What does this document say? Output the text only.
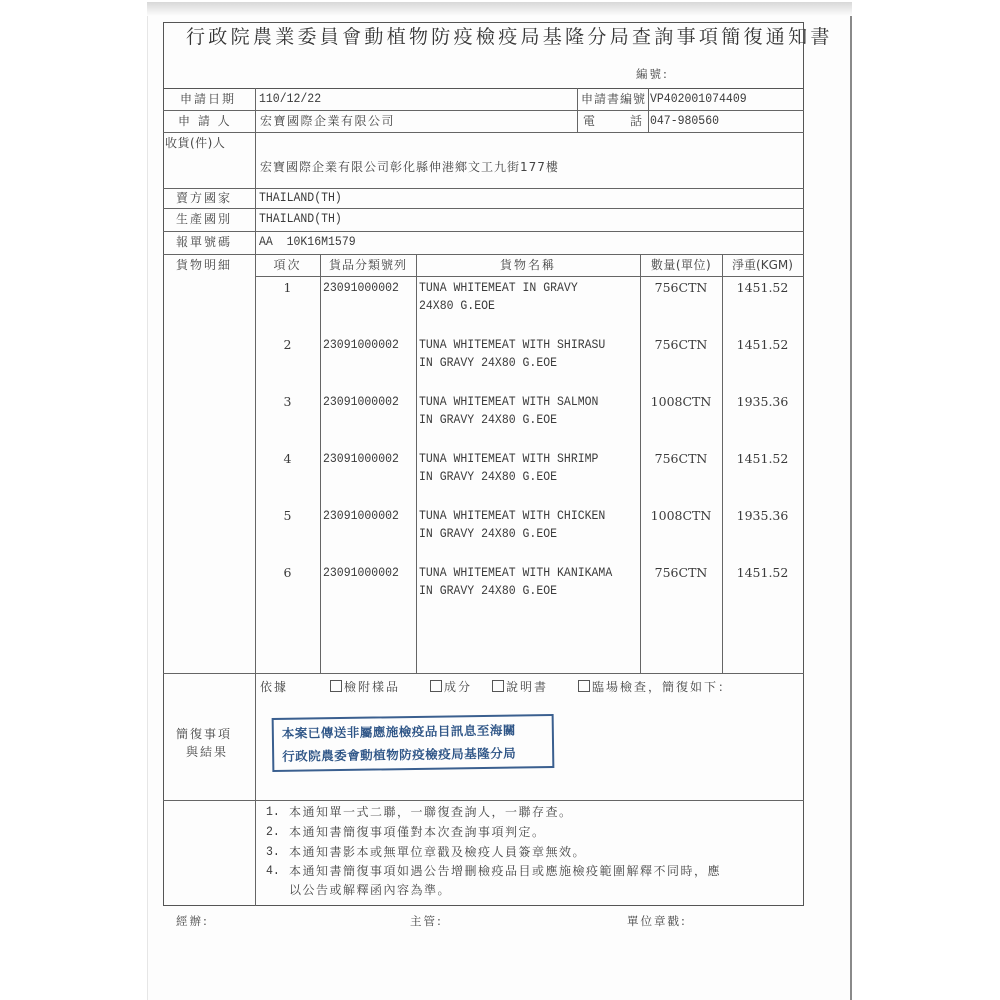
行政院農業委員會動植物防疫檢疫局基隆分局查詢事項簡復通知書
編號:
申請日期 110/12/22	申請書編號 VP402001074409
申 請 人 宏寶國際企業有限公司	電	話 047-980560
收貨(件)人
宏寶國際企業有限公司彰化縣伸港鄉文工九街177樓
賣方國家 THAILAND(TH)
生產國別 THAILAND(TH)
報單號碼 AA  10K16M1579
貨物明細	項次	貨品分類號列	貨物名稱	數量(單位)	淨重(KGM)
1	23091000002 TUNA WHITEMEAT IN GRAVY
24X80 G.EOE
756CTN	1451.52
2	23091000002 TUNA WHITEMEAT WITH SHIRASU
IN GRAVY 24X80 G.EOE
756CTN	1451.52
3	23091000002 TUNA WHITEMEAT WITH SALMON
IN GRAVY 24X80 G.EOE
1008CTN	1935.36
4	23091000002 TUNA WHITEMEAT WITH SHRIMP
IN GRAVY 24X80 G.EOE
756CTN	1451.52
5	23091000002 TUNA WHITEMEAT WITH CHICKEN
IN GRAVY 24X80 G.EOE
1008CTN	1935.36
6	23091000002 TUNA WHITEMEAT WITH KANIKAMA
IN GRAVY 24X80 G.EOE
756CTN	1451.52
簡復事項
與結果
依據	檢附樣品	成分	說明書	臨場檢查，簡復如下：
本案已傳送非屬應施檢疫品目訊息至海關
行政院農委會動植物防疫檢疫局基隆分局
1. 本通知單一式二聯，一聯復查詢人，一聯存查。
2. 本通知書簡復事項僅對本次查詢事項判定。
3. 本通知書影本或無單位章戳及檢疫人員簽章無效。
4. 本通知書簡復事項如遇公告增刪檢疫品目或應施檢疫範圍解釋不同時，應
以公告或解釋函內容為準。
經辦:	主管:	單位章戳:
